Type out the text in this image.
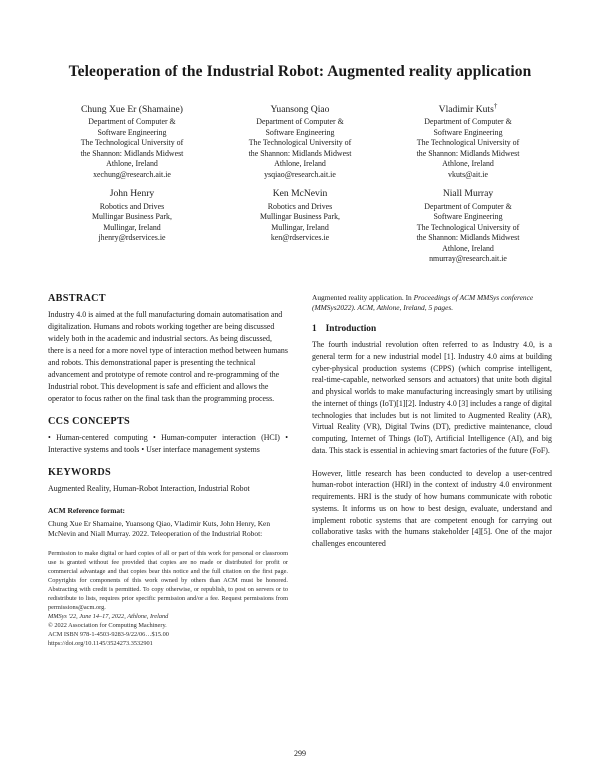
Teleoperation of the Industrial Robot: Augmented reality application
Chung Xue Er (Shamaine)
Department of Computer &
Software Engineering
The Technological University of
the Shannon: Midlands Midwest
Athlone, Ireland
xechung@research.ait.ie
Yuansong Qiao
Department of Computer &
Software Engineering
The Technological University of
the Shannon: Midlands Midwest
Athlone, Ireland
ysqiao@research.ait.ie
Vladimir Kuts†
Department of Computer &
Software Engineering
The Technological University of
the Shannon: Midlands Midwest
Athlone, Ireland
vkuts@ait.ie
John Henry
Robotics and Drives
Mullingar Business Park,
Mullingar, Ireland
jhenry@rdservices.ie
Ken McNevin
Robotics and Drives
Mullingar Business Park,
Mullingar, Ireland
ken@rdservices.ie
Niall Murray
Department of Computer &
Software Engineering
The Technological University of
the Shannon: Midlands Midwest
Athlone, Ireland
nmurray@research.ait.ie
ABSTRACT

Industry 4.0 is aimed at the full manufacturing domain automatisation and digitalization. Humans and robots working together are being discussed widely both in the academic and industrial sectors. As being discussed, there is a need for a more novel type of interaction method between humans and robots. This demonstrational paper is presenting the technical advancement and prototype of remote control and re-programming of the Industrial robot. This development is safe and efficient and allows the operator to focus rather on the final task than the programming process.

CCS CONCEPTS

• Human-centered computing • Human-computer interaction (HCI) • Interactive systems and tools • User interface management systems

KEYWORDS

Augmented Reality, Human-Robot Interaction, Industrial Robot

ACM Reference format:

Chung Xue Er Shamaine, Yuansong Qiao, Vladimir Kuts, John Henry, Ken McNevin and Niall Murray. 2022. Teleoperation of the Industrial Robot:

Permission to make digital or hard copies of all or part of this work for personal or classroom use is granted without fee provided that copies are no made or distributed for profit or commercial advantage and that copies bear this notice and the full citation on the first page. Copyrights for components of this work owned by others than ACM must be honored. Abstracting with credit is permitted. To copy otherwise, or republish, to post on servers or to redistribute to lists, requires prior specific permission and/or a fee. Request permissions from permissions@acm.org.

MMSys '22, June 14–17, 2022, Athlone, Ireland

© 2022 Association for Computing Machinery.

ACM ISBN 978-1-4503-9283-9/22/06…$15.00

https://doi.org/10.1145/3524273.3532901

Augmented reality application. In Proceedings of ACM MMSys conference (MMSys2022). ACM, Athlone, Ireland, 5 pages.

1 Introduction

The fourth industrial revolution often referred to as Industry 4.0, is a general term for a new industrial model [1]. Industry 4.0 aims at building cyber-physical production systems (CPPS) (which comprise intelligent, real-time-capable, networked sensors and actuators) that unite both digital and physical worlds to make manufacturing increasingly smart by utilising the internet of things (IoT)[1][2]. Industry 4.0 [3] includes a range of digital technologies that includes but is not limited to Augmented Reality (AR), Virtual Reality (VR), Digital Twins (DT), predictive maintenance, cloud computing, Internet of Things (IoT), Artificial Intelligence (AI), and big data. This stack is essential in achieving smart factories of the future (FoF).

However, little research has been conducted to develop a user-centred human-robot interaction (HRI) in the context of industry 4.0 environment requirements. HRI is the study of how humans communicate with robotic systems. It informs us on how to best design, evaluate, understand and implement robotic systems that are competent enough for carrying out collaborative tasks with the humans stakeholder [4][5]. One of the major challenges encountered

299
